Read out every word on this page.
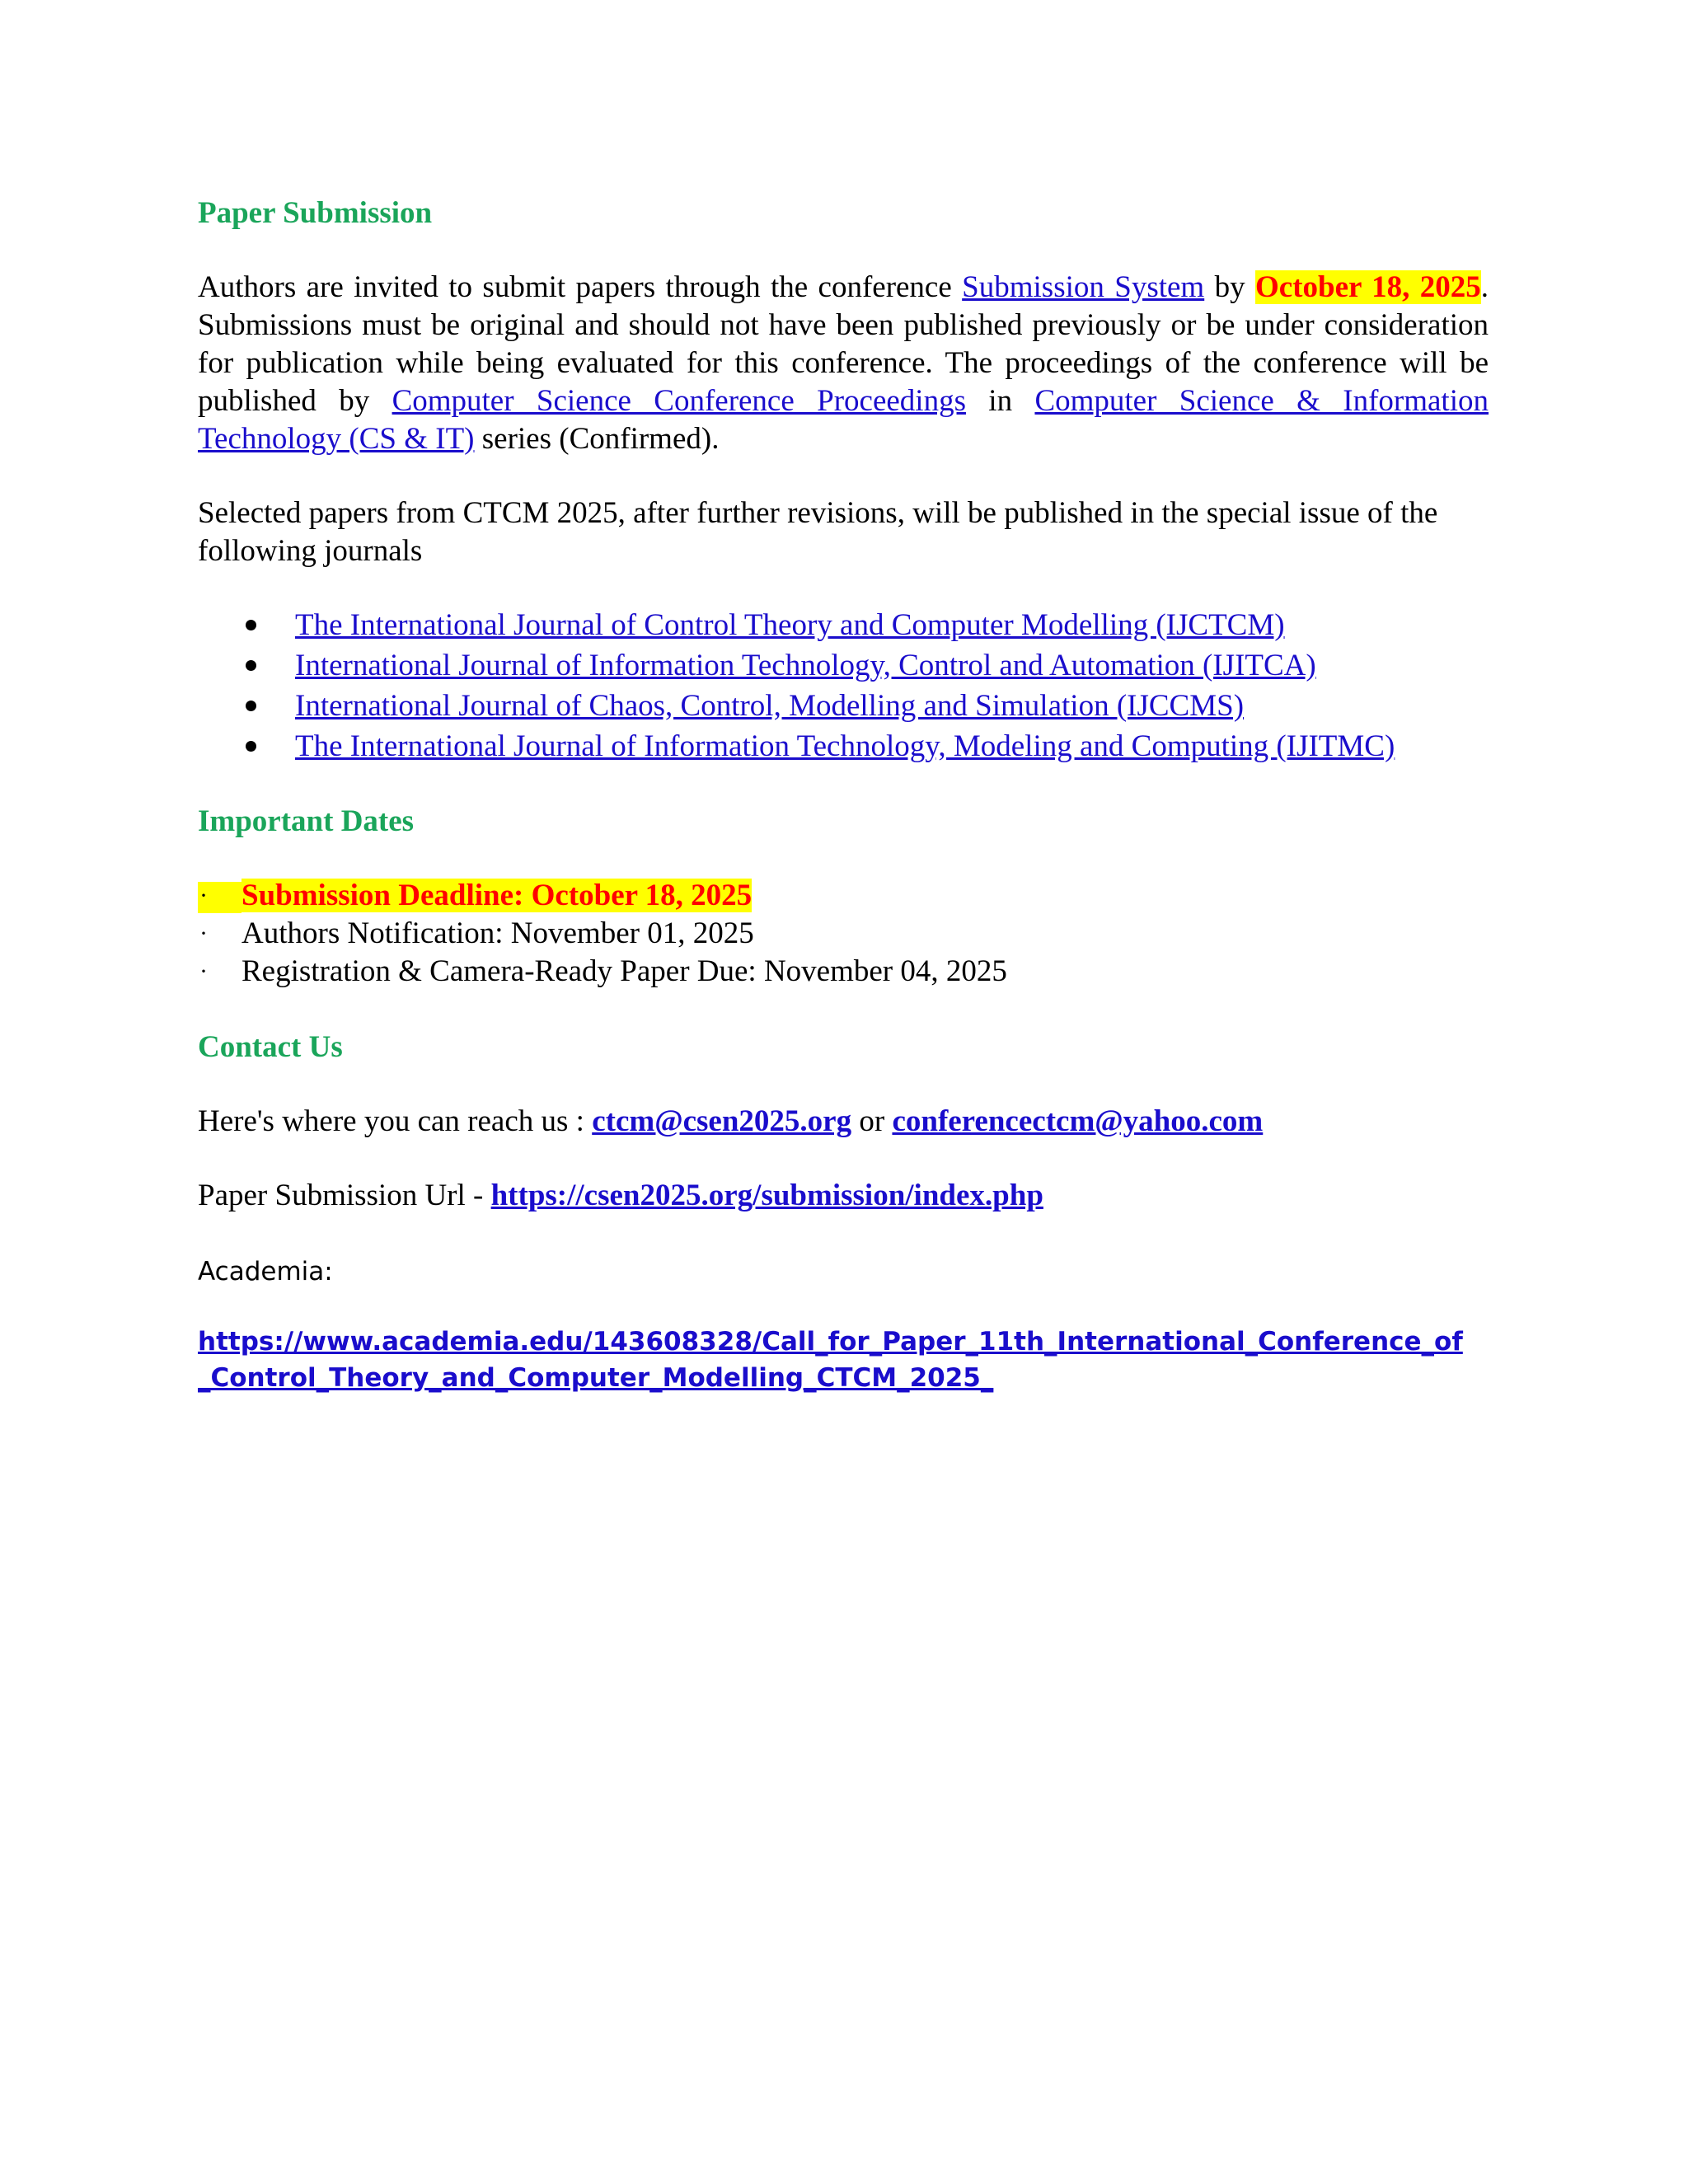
Paper Submission

Authors are invited to submit papers through the conference Submission System by October 18, 2025. Submissions must be original and should not have been published previously or be under consideration for publication while being evaluated for this conference. The proceedings of the conference will be published by Computer Science Conference Proceedings in Computer Science & Information Technology (CS & IT) series (Confirmed).

Selected papers from CTCM 2025, after further revisions, will be published in the special issue of the following journals

The International Journal of Control Theory and Computer Modelling (IJCTCM)
International Journal of Information Technology, Control and Automation (IJITCA)
International Journal of Chaos, Control, Modelling and Simulation (IJCCMS)
The International Journal of Information Technology, Modeling and Computing (IJITMC)
Important Dates
· Submission Deadline: October 18, 2025
· Authors Notification: November 01, 2025
· Registration & Camera-Ready Paper Due: November 04, 2025
Contact Us

Here's where you can reach us : ctcm@csen2025.org or conferencectcm@yahoo.com

Paper Submission Url - https://csen2025.org/submission/index.php

Academia:

https://www.academia.edu/143608328/Call_for_Paper_11th_International_Conference_of_Control_Theory_and_Computer_Modelling_CTCM_2025_
